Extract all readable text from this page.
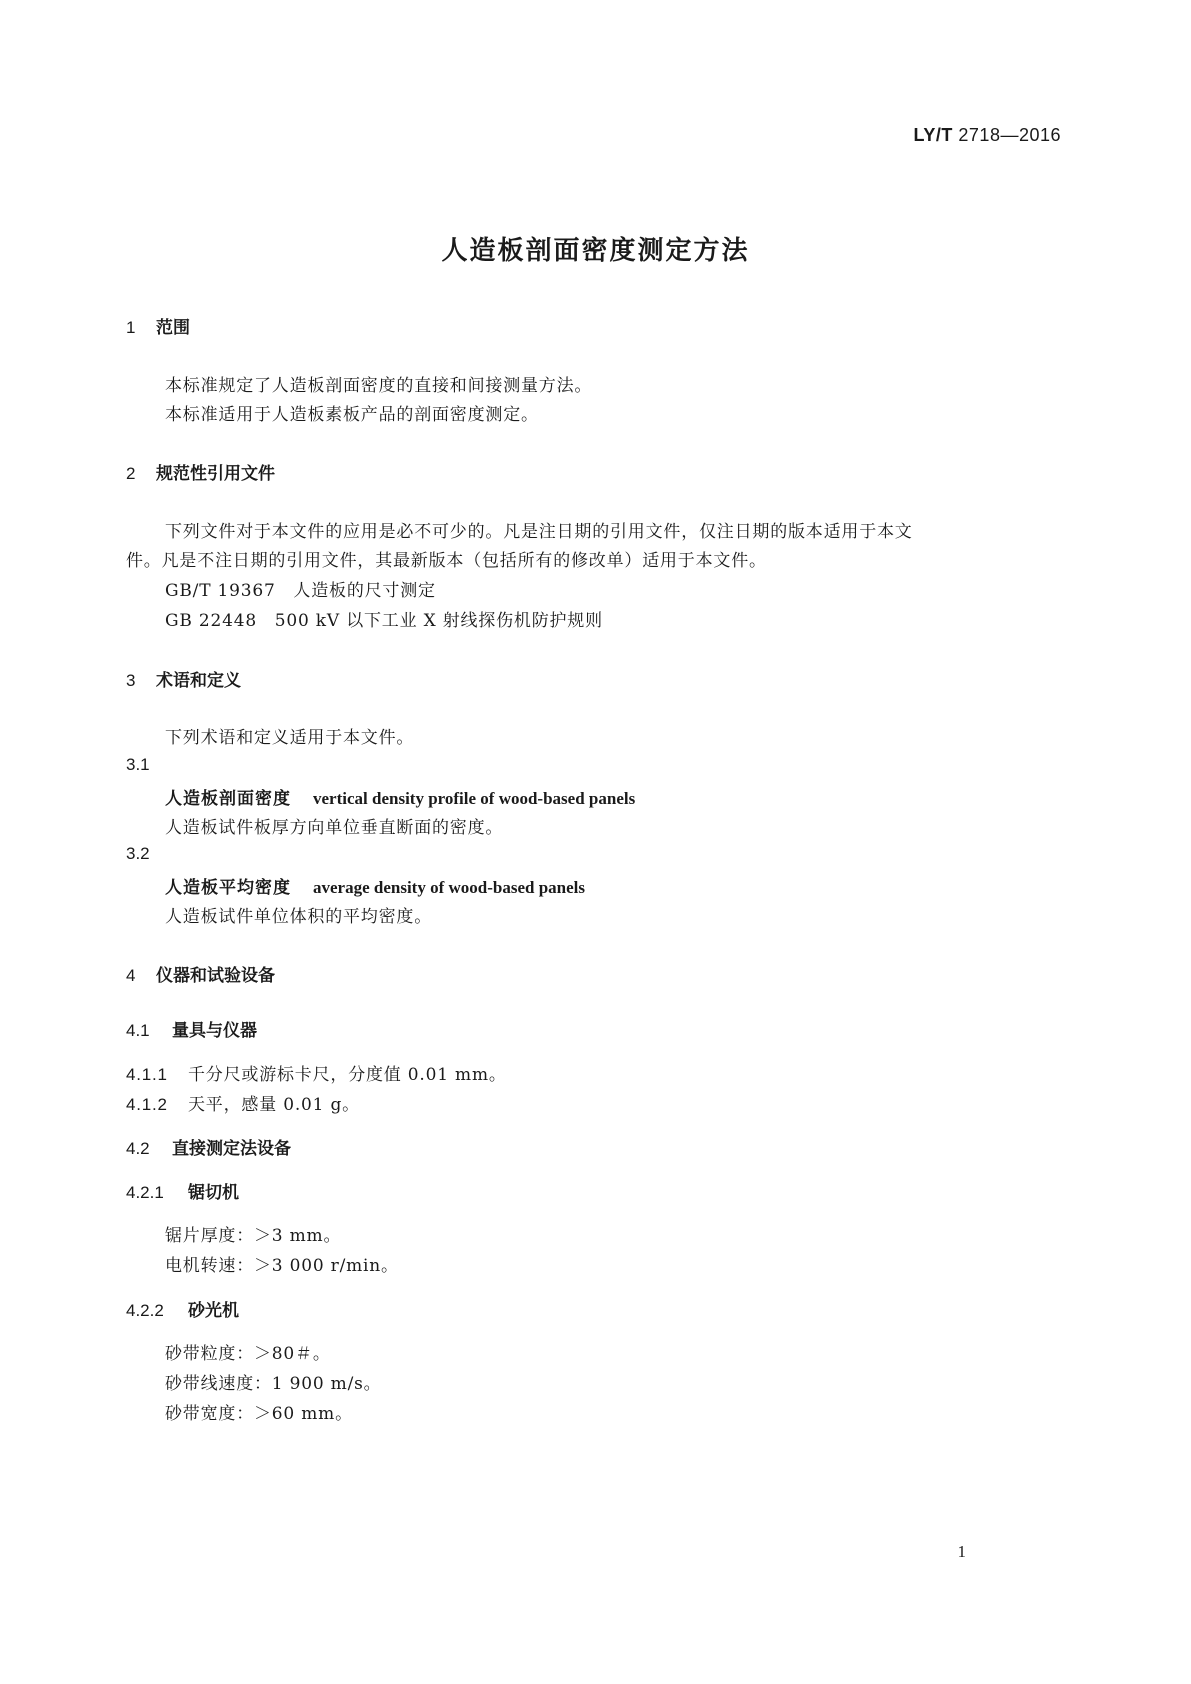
LY/T 2718—2016
人造板剖面密度测定方法
1 范围
本标准规定了人造板剖面密度的直接和间接测量方法。
本标准适用于人造板素板产品的剖面密度测定。
2 规范性引用文件
下列文件对于本文件的应用是必不可少的。凡是注日期的引用文件，仅注日期的版本适用于本文
件。凡是不注日期的引用文件，其最新版本（包括所有的修改单）适用于本文件。
GB/T 19367　人造板的尺寸测定
GB 22448　500 kV 以下工业 X 射线探伤机防护规则
3 术语和定义
下列术语和定义适用于本文件。
3.1
人造板剖面密度 vertical density profile of wood-based panels
人造板试件板厚方向单位垂直断面的密度。
3.2
人造板平均密度 average density of wood-based panels
人造板试件单位体积的平均密度。
4 仪器和试验设备
4.1 量具与仪器
4.1.1 千分尺或游标卡尺，分度值 0.01 mm。
4.1.2 天平，感量 0.01 g。
4.2 直接测定法设备
4.2.1 锯切机
锯片厚度：＞3 mm。
电机转速：＞3 000 r/min。
4.2.2 砂光机
砂带粒度：＞80＃。
砂带线速度：1 900 m/s。
砂带宽度：＞60 mm。
1
